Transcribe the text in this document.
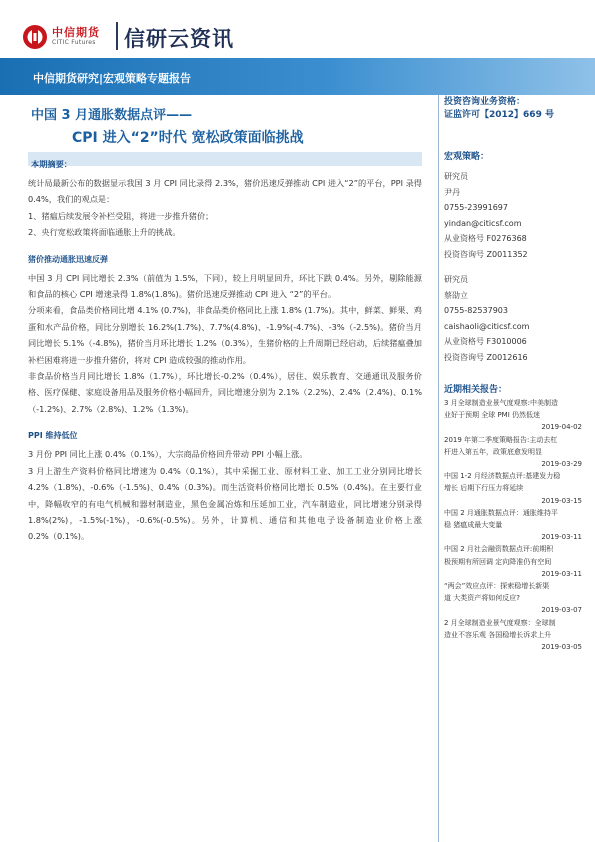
中信期货
CITIC Futures 信研云资讯
中信期货研究|宏观策略专题报告
2019
4-15
中国 3 月通胀数据点评——
CPI 进入“2”时代 宽松政策面临挑战
本期摘要：
统计局最新公布的数据显示我国 3 月 CPI 同比录得 2.3%，猪价迅速反弹推动 CPI 进入“2”的平台，PPI 录得 0.4%，我们的观点是：
1、猪瘟后续发展令补栏受阻，将进一步推升猪价；
2、央行宽松政策将面临通胀上升的挑战。
猪价推动通胀迅速反弹
中国 3 月 CPI 同比增长 2.3%（前值为 1.5%，下同），较上月明显回升，环比下跌 0.4%。另外，剔除能源和食品的核心 CPI 增速录得 1.8%(1.8%)。猪价迅速反弹推动 CPI 进入 “2”的平台。
分项来看，食品类价格同比增 4.1% (0.7%)，非食品类价格同比上涨 1.8% (1.7%)。其中，鲜菜、鲜果、鸡蛋和水产品价格，同比分别增长 16.2%(1.7%)、7.7%(4.8%)、-1.9%(-4.7%)、-3%（-2.5%)。猪价当月同比增长 5.1%（-4.8%)，猪价当月环比增长 1.2%（0.3%），生猪价格的上升周期已经启动，后续猪瘟叠加补栏困难将进一步推升猪价，将对 CPI 造成较强的推动作用。
非食品价格当月同比增长 1.8%（1.7%），环比增长-0.2%（0.4%），居住、娱乐教育、交通通讯及服务价格、医疗保健、家庭设备用品及服务价格小幅回升，同比增速分别为 2.1%（2.2%)、2.4%（2.4%)、0.1%（-1.2%)、2.7%（2.8%)、1.2%（1.3%)。
PPI 维持低位
3 月份 PPI 同比上涨 0.4%（0.1%），大宗商品价格回升带动 PPI 小幅上涨。
3 月上游生产资料价格同比增速为 0.4%（0.1%），其中采掘工业、原材料工业、加工工业分别同比增长 4.2%（1.8%)、-0.6%（-1.5%)、0.4%（0.3%)。而生活资料价格同比增长 0.5%（0.4%)。在主要行业中，降幅收窄的有电气机械和器材制造业，黑色金属冶炼和压延加工业，汽车制造业，同比增速分别录得 1.8%(2%)，-1.5%(-1%)，-0.6%(-0.5%)。另外，计算机、通信和其他电子设备制造业价格上涨 0.2%（0.1%)。
投资咨询业务资格：
证监许可【2012】669 号
宏观策略：
研究员
尹丹
0755-23991697
yindan@citicsf.com
从业资格号 F0276368
投资咨询号 Z0011352
研究员
蔡劭立
0755-82537903
caishaoli@citicsf.com
从业资格号 F3010006
投资咨询号 Z0012616
近期相关报告：
3 月全球制造业景气度观察:中美制造
业好于预期 全球 PMI 仍然低迷
2019-04-02
2019 年第二季度策略报告:主动去杠
杆进入第五年，政策底愈发明显
2019-03-29
中国 1-2 月经济数据点评:基建发力稳
增长 后期下行压力将延续
2019-03-15
中国 2 月通胀数据点评：通胀维持平
稳 猪瘟成最大变量
2019-03-11
中国 2 月社会融资数据点评:前期积
极预期有所回调 定向降准仍有空间
2019-03-11
“两会”效应点评：探索稳增长新渠
道 大类资产将如何反应?
2019-03-07
2 月全球制造业景气度观察：全球制
造业不容乐观 各国稳增长诉求上升
2019-03-05
